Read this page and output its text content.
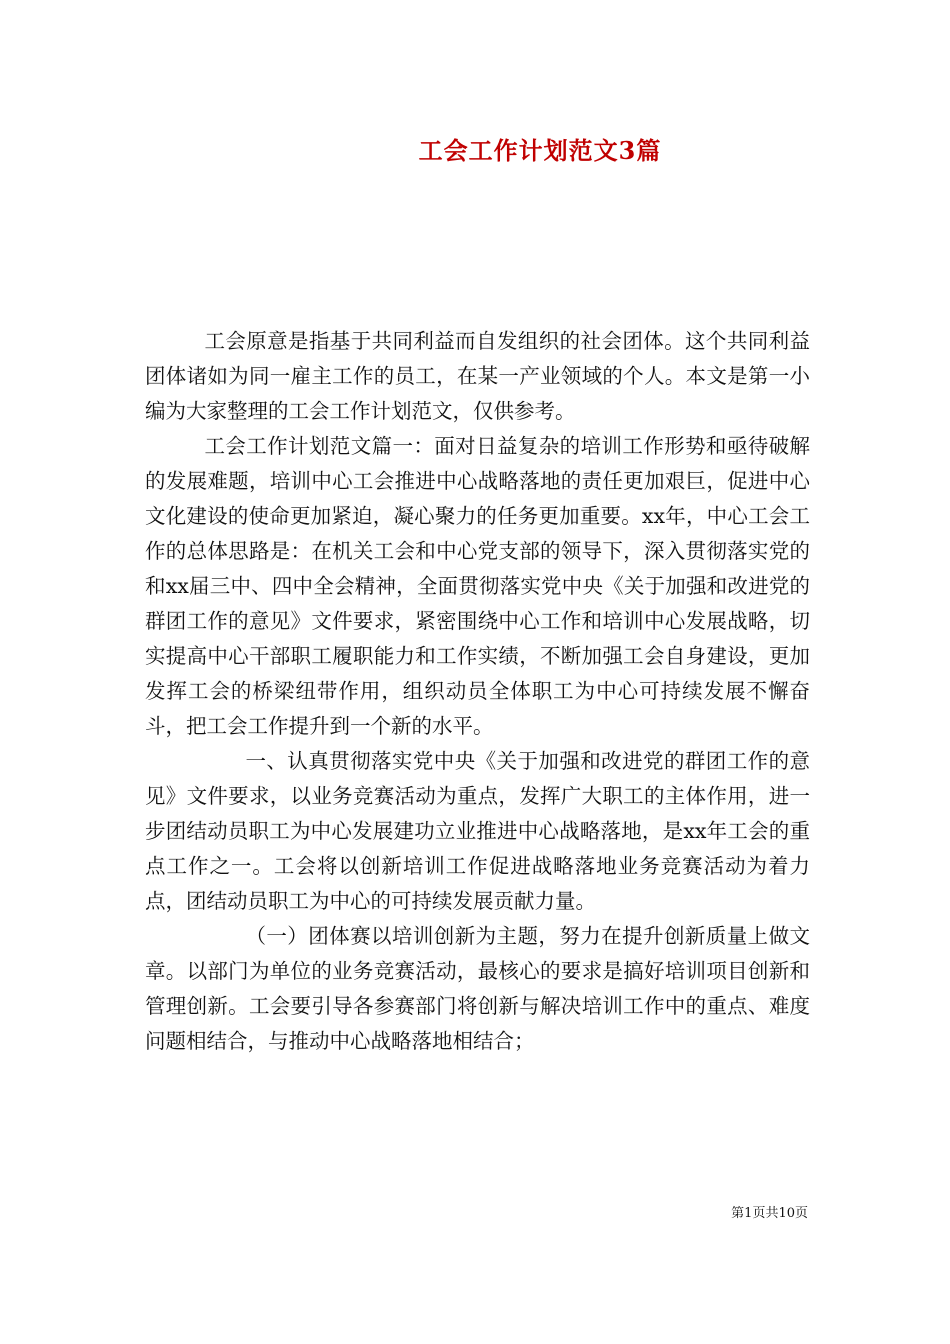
工会工作计划范文3篇

工会原意是指基于共同利益而自发组织的社会团体。这个共同利益团体诸如为同一雇主工作的员工，在某一产业领域的个人。本文是第一小编为大家整理的工会工作计划范文，仅供参考。

工会工作计划范文篇一：面对日益复杂的培训工作形势和亟待破解的发展难题，培训中心工会推进中心战略落地的责任更加艰巨，促进中心文化建设的使命更加紧迫，凝心聚力的任务更加重要。xx年，中心工会工作的总体思路是：在机关工会和中心党支部的领导下，深入贯彻落实党的和xx届三中、四中全会精神，全面贯彻落实党中央《关于加强和改进党的群团工作的意见》文件要求，紧密围绕中心工作和培训中心发展战略，切实提高中心干部职工履职能力和工作实绩，不断加强工会自身建设，更加发挥工会的桥梁纽带作用，组织动员全体职工为中心可持续发展不懈奋斗，把工会工作提升到一个新的水平。

一、认真贯彻落实党中央《关于加强和改进党的群团工作的意见》文件要求，以业务竞赛活动为重点，发挥广大职工的主体作用，进一步团结动员职工为中心发展建功立业推进中心战略落地，是xx年工会的重点工作之一。工会将以创新培训工作促进战略落地业务竞赛活动为着力点，团结动员职工为中心的可持续发展贡献力量。

（一）团体赛以培训创新为主题，努力在提升创新质量上做文章。以部门为单位的业务竞赛活动，最核心的要求是搞好培训项目创新和管理创新。工会要引导各参赛部门将创新与解决培训工作中的重点、难度问题相结合，与推动中心战略落地相结合；

第1页共10页
